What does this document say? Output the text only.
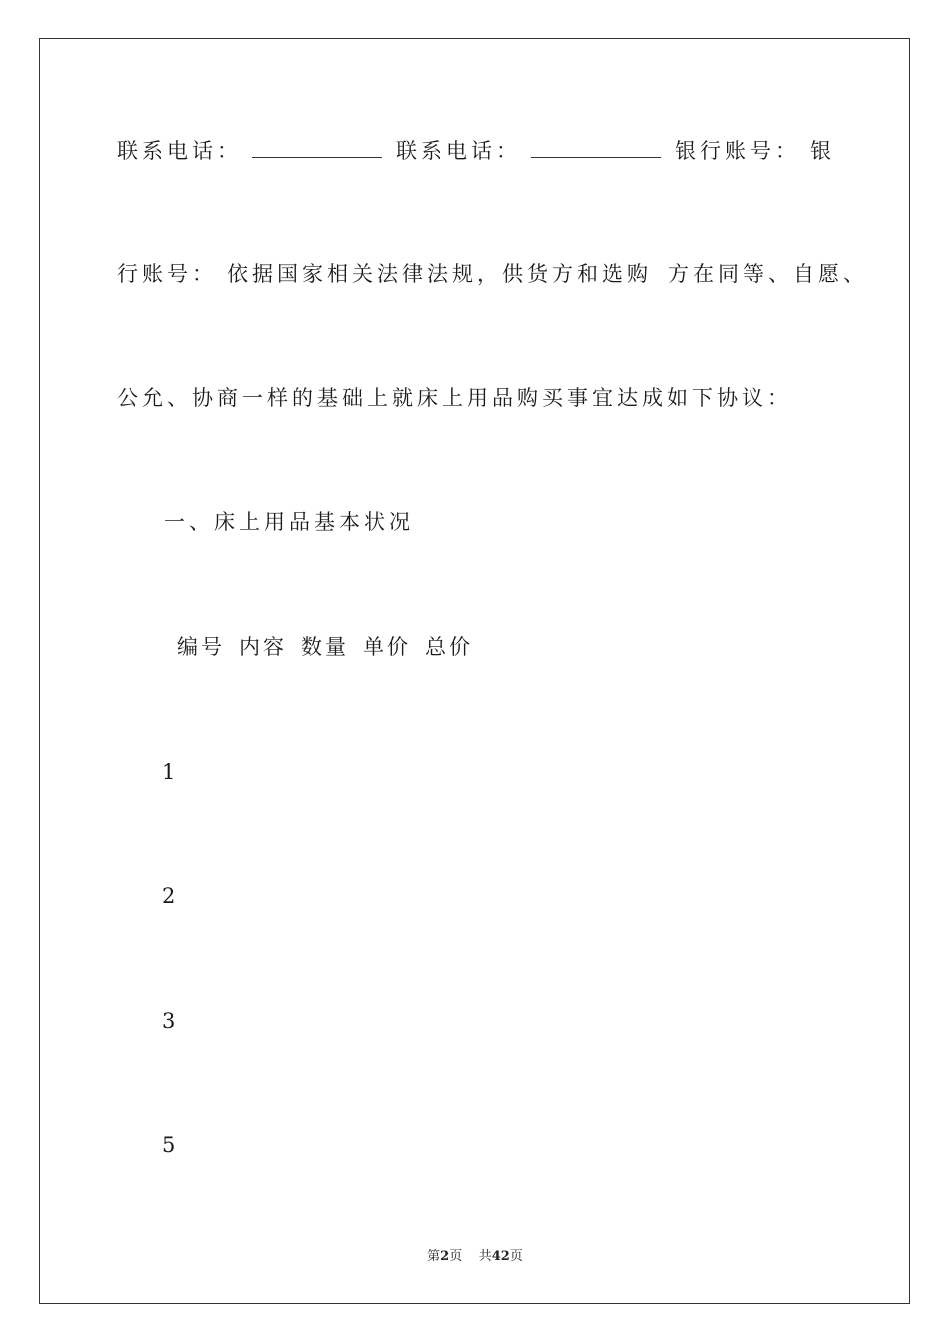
联系电话：	联系电话：	银行账号： 银
行账号： 依据国家相关法律法规，供货方和选购 方在同等、自愿、
公允、协商一样的基础上就床上用品购买事宜达成如下协议：
一、床上用品基本状况
编号 内容 数量 单价 总价
1
2
3
5
第2页 共42页
